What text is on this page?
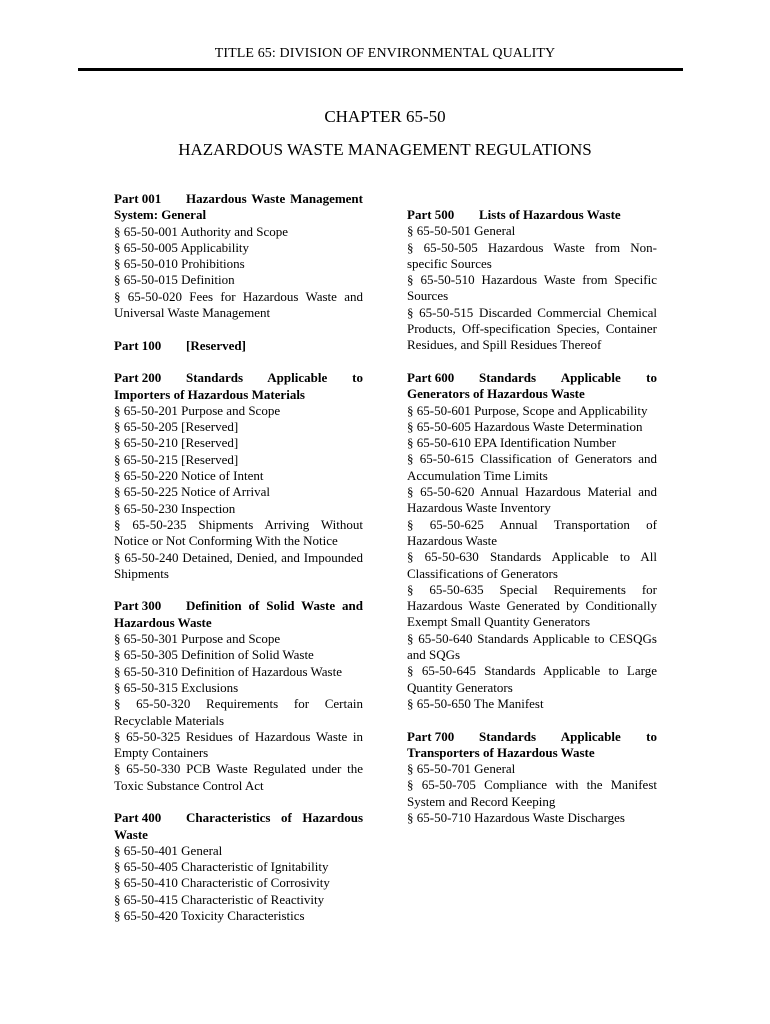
TITLE 65: DIVISION OF ENVIRONMENTAL QUALITY
CHAPTER 65-50
HAZARDOUS WASTE MANAGEMENT REGULATIONS
Part 001 Hazardous Waste Management System: General
§ 65-50-001 Authority and Scope
§ 65-50-005 Applicability
§ 65-50-010 Prohibitions
§ 65-50-015 Definition
§ 65-50-020 Fees for Hazardous Waste and Universal Waste Management
Part 100 [Reserved]
Part 200 Standards Applicable to Importers of Hazardous Materials
§ 65-50-201 Purpose and Scope
§ 65-50-205 [Reserved]
§ 65-50-210 [Reserved]
§ 65-50-215 [Reserved]
§ 65-50-220 Notice of Intent
§ 65-50-225 Notice of Arrival
§ 65-50-230 Inspection
§ 65-50-235 Shipments Arriving Without Notice or Not Conforming With the Notice
§ 65-50-240 Detained, Denied, and Impounded Shipments
Part 300 Definition of Solid Waste and Hazardous Waste
§ 65-50-301 Purpose and Scope
§ 65-50-305 Definition of Solid Waste
§ 65-50-310 Definition of Hazardous Waste
§ 65-50-315 Exclusions
§ 65-50-320 Requirements for Certain Recyclable Materials
§ 65-50-325 Residues of Hazardous Waste in Empty Containers
§ 65-50-330 PCB Waste Regulated under the Toxic Substance Control Act
Part 400 Characteristics of Hazardous Waste
§ 65-50-401 General
§ 65-50-405 Characteristic of Ignitability
§ 65-50-410 Characteristic of Corrosivity
§ 65-50-415 Characteristic of Reactivity
§ 65-50-420 Toxicity Characteristics
Part 500 Lists of Hazardous Waste
§ 65-50-501 General
§ 65-50-505 Hazardous Waste from Non-specific Sources
§ 65-50-510 Hazardous Waste from Specific Sources
§ 65-50-515 Discarded Commercial Chemical Products, Off-specification Species, Container Residues, and Spill Residues Thereof
Part 600 Standards Applicable to Generators of Hazardous Waste
§ 65-50-601 Purpose, Scope and Applicability
§ 65-50-605 Hazardous Waste Determination
§ 65-50-610 EPA Identification Number
§ 65-50-615 Classification of Generators and Accumulation Time Limits
§ 65-50-620 Annual Hazardous Material and Hazardous Waste Inventory
§ 65-50-625 Annual Transportation of Hazardous Waste
§ 65-50-630 Standards Applicable to All Classifications of Generators
§ 65-50-635 Special Requirements for Hazardous Waste Generated by Conditionally Exempt Small Quantity Generators
§ 65-50-640 Standards Applicable to CESQGs and SQGs
§ 65-50-645 Standards Applicable to Large Quantity Generators
§ 65-50-650 The Manifest
Part 700 Standards Applicable to Transporters of Hazardous Waste
§ 65-50-701 General
§ 65-50-705 Compliance with the Manifest System and Record Keeping
§ 65-50-710 Hazardous Waste Discharges
